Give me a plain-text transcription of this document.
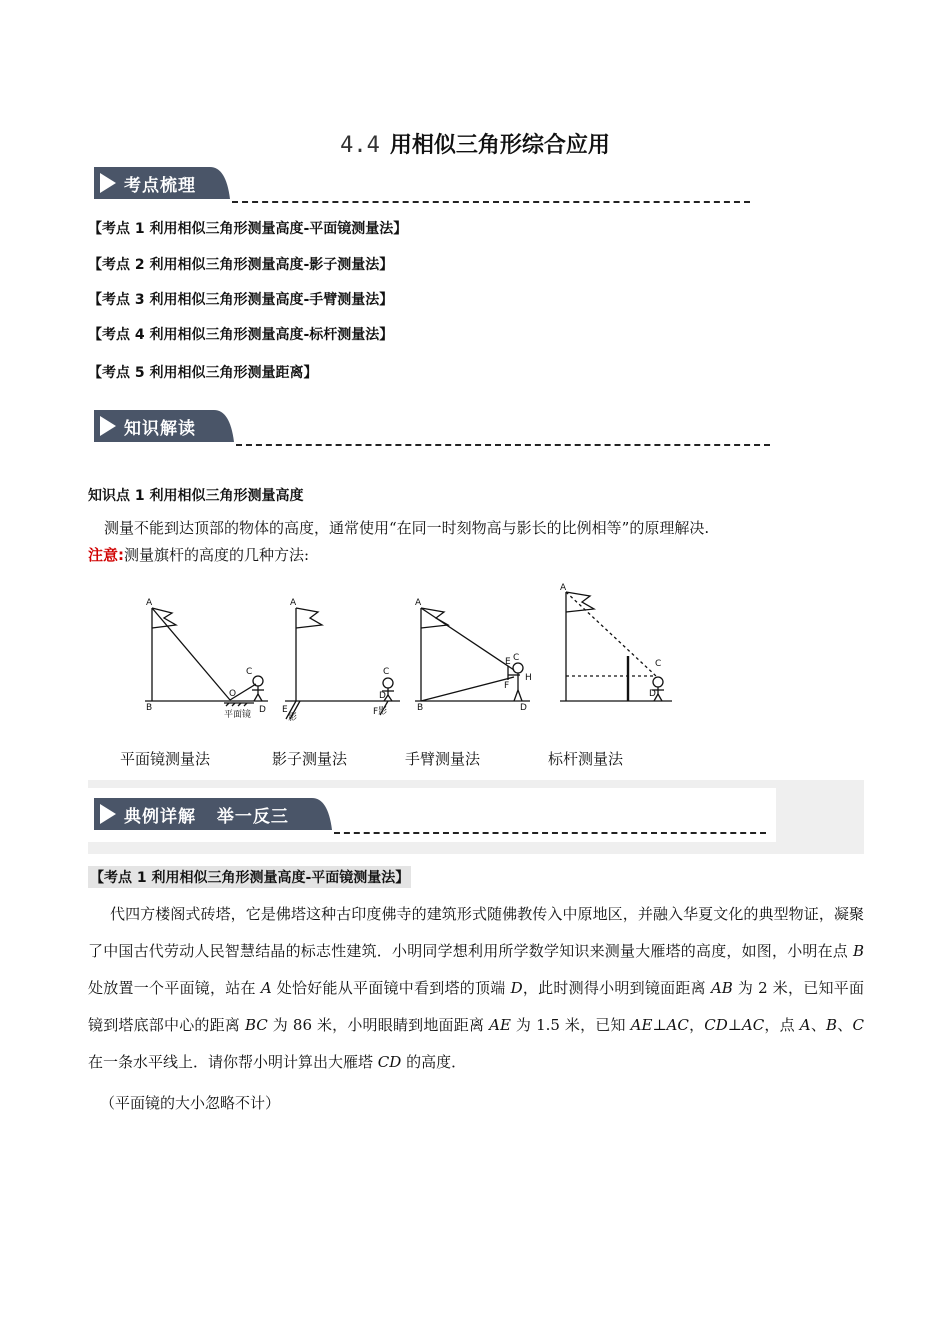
4.4 用相似三角形综合应用
考点梳理
【考点 1 利用相似三角形测量高度-平面镜测量法】
【考点 2 利用相似三角形测量高度-影子测量法】
【考点 3 利用相似三角形测量高度-手臂测量法】
【考点 4 利用相似三角形测量高度-标杆测量法】
【考点 5 利用相似三角形测量距离】
知识解读
知识点 1 利用相似三角形测量高度
测量不能到达顶部的物体的高度，通常使用“在同一时刻物高与影长的比例相等”的原理解决.
注意:测量旗杆的高度的几种方法:
A
B
O
C
D
平面镜
A
E
影
C
D
F影
A
B
E C
F
H
D
A
C
D
平面镜测量法	影子测量法	手臂测量法	标杆测量法
典例详解 举一反三
【考点 1 利用相似三角形测量高度-平面镜测量法】
代四方楼阁式砖塔，它是佛塔这种古印度佛寺的建筑形式随佛教传入中原地区，并融入华夏文化的典型物证，凝聚了中国古代劳动人民智慧结晶的标志性建筑．小明同学想利用所学数学知识来测量大雁塔的高度，如图，小明在点 B 处放置一个平面镜，站在 A 处恰好能从平面镜中看到塔的顶端 D，此时测得小明到镜面距离 AB 为 2 米，已知平面镜到塔底部中心的距离 BC 为 86 米，小明眼睛到地面距离 AE 为 1.5 米，已知 AE⊥AC，CD⊥AC，点 A、B、C 在一条水平线上．请你帮小明计算出大雁塔 CD 的高度．
（平面镜的大小忽略不计）
